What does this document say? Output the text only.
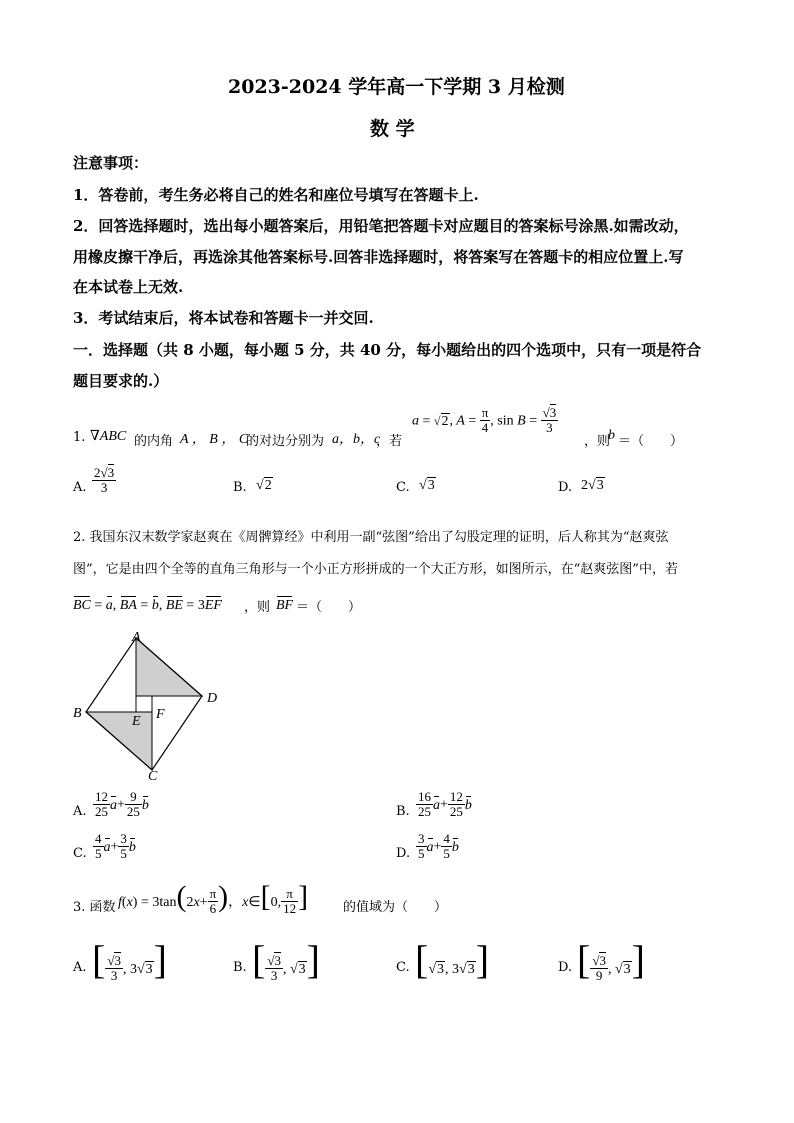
2023-2024 学年高一下学期 3 月检测
数 学
注意事项：
1．答卷前，考生务必将自己的姓名和座位号填写在答题卡上.
2．回答选择题时，选出每小题答案后，用铅笔把答题卡对应题目的答案标号涂黑.如需改动，
用橡皮擦干净后，再选涂其他答案标号.回答非选择题时，将答案写在答题卡的相应位置上.写
在本试卷上无效.
3．考试结束后，将本试卷和答题卡一并交回.
一．选择题（共 8 小题，每小题 5 分，共 40 分，每小题给出的四个选项中，只有一项是符合
题目要求的.）
1. ∇ABC 的内角 A ， B ， C
的对边分别为 a，b，c
，若
a = √2, $A = \frac{\pi}{4}$ , $\sin B = \frac{√3}{3}$
，则
b ＝（　　）
A. $\frac{2√3}{3}$	B. √2	C. √3	D. 2√3
2. 我国东汉末数学家赵爽在《周髀算经》中利用一副“弦图”给出了勾股定理的证明，后人称其为“赵爽弦
图”，它是由四个全等的直角三角形与一个小正方形拼成的一个大正方形，如图所示，在“赵爽弦图”中，若
BC = a, BA = b, BE = 3EF ，则 BF ＝（　　）
A
B
C
D
E F
A. $\frac{12}{25} a+ \frac{9}{25}$ b	B. $\frac{16}{25} a+ \frac{12}{25}$ b
C. $\frac{4}{5} a+ \frac{3}{5}$ b	D. $\frac{3}{5} a+ \frac{4}{5}$ b
3. 函数 $f(x) = 3\tan(2x+ \frac{\pi}{6}$ )，x∈[0, $\frac{\pi}{12}$ ]	的值域为（　　）
A. [ $\frac{√3}{3}$ , 3√3]	B. [ $\frac{√3}{3}$ , √3]	C. [√3, 3√3]	D. [ $\frac{√3}{9}$ , √3]
